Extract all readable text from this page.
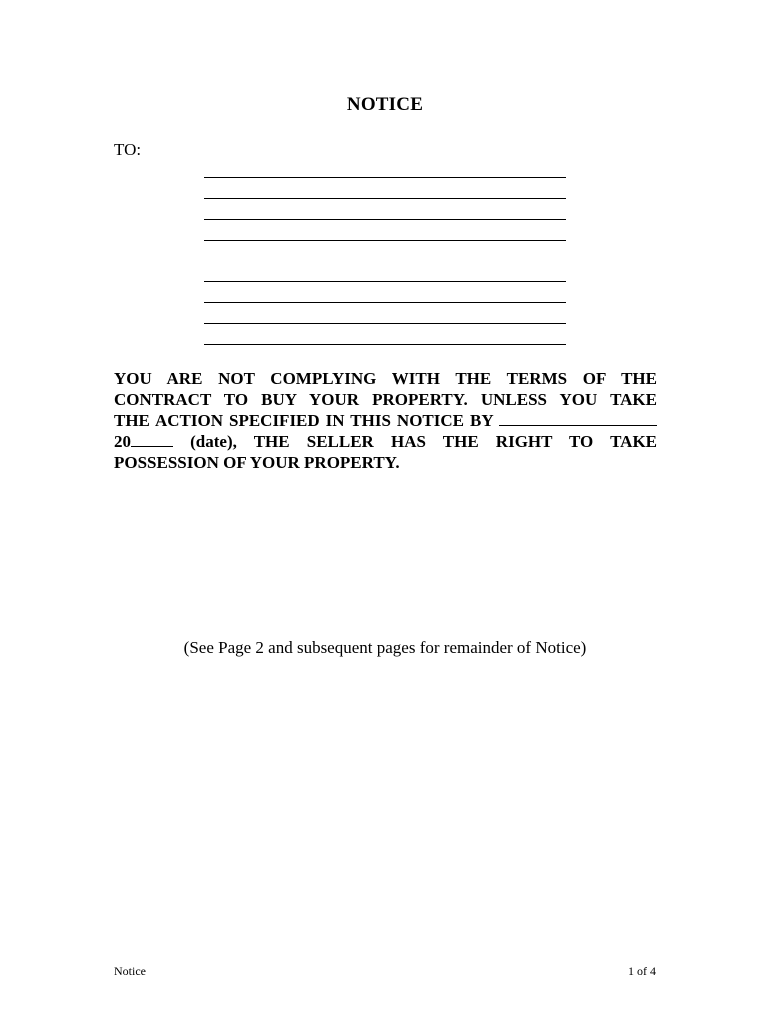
NOTICE
TO:
YOU ARE NOT COMPLYING WITH THE TERMS OF THE
CONTRACT TO BUY YOUR PROPERTY. UNLESS YOU TAKE
THE ACTION SPECIFIED IN THIS NOTICE BY
20	(date), THE SELLER HAS THE RIGHT TO TAKE
POSSESSION OF YOUR PROPERTY.
(See Page 2 and subsequent pages for remainder of Notice)
Notice	1 of 4
